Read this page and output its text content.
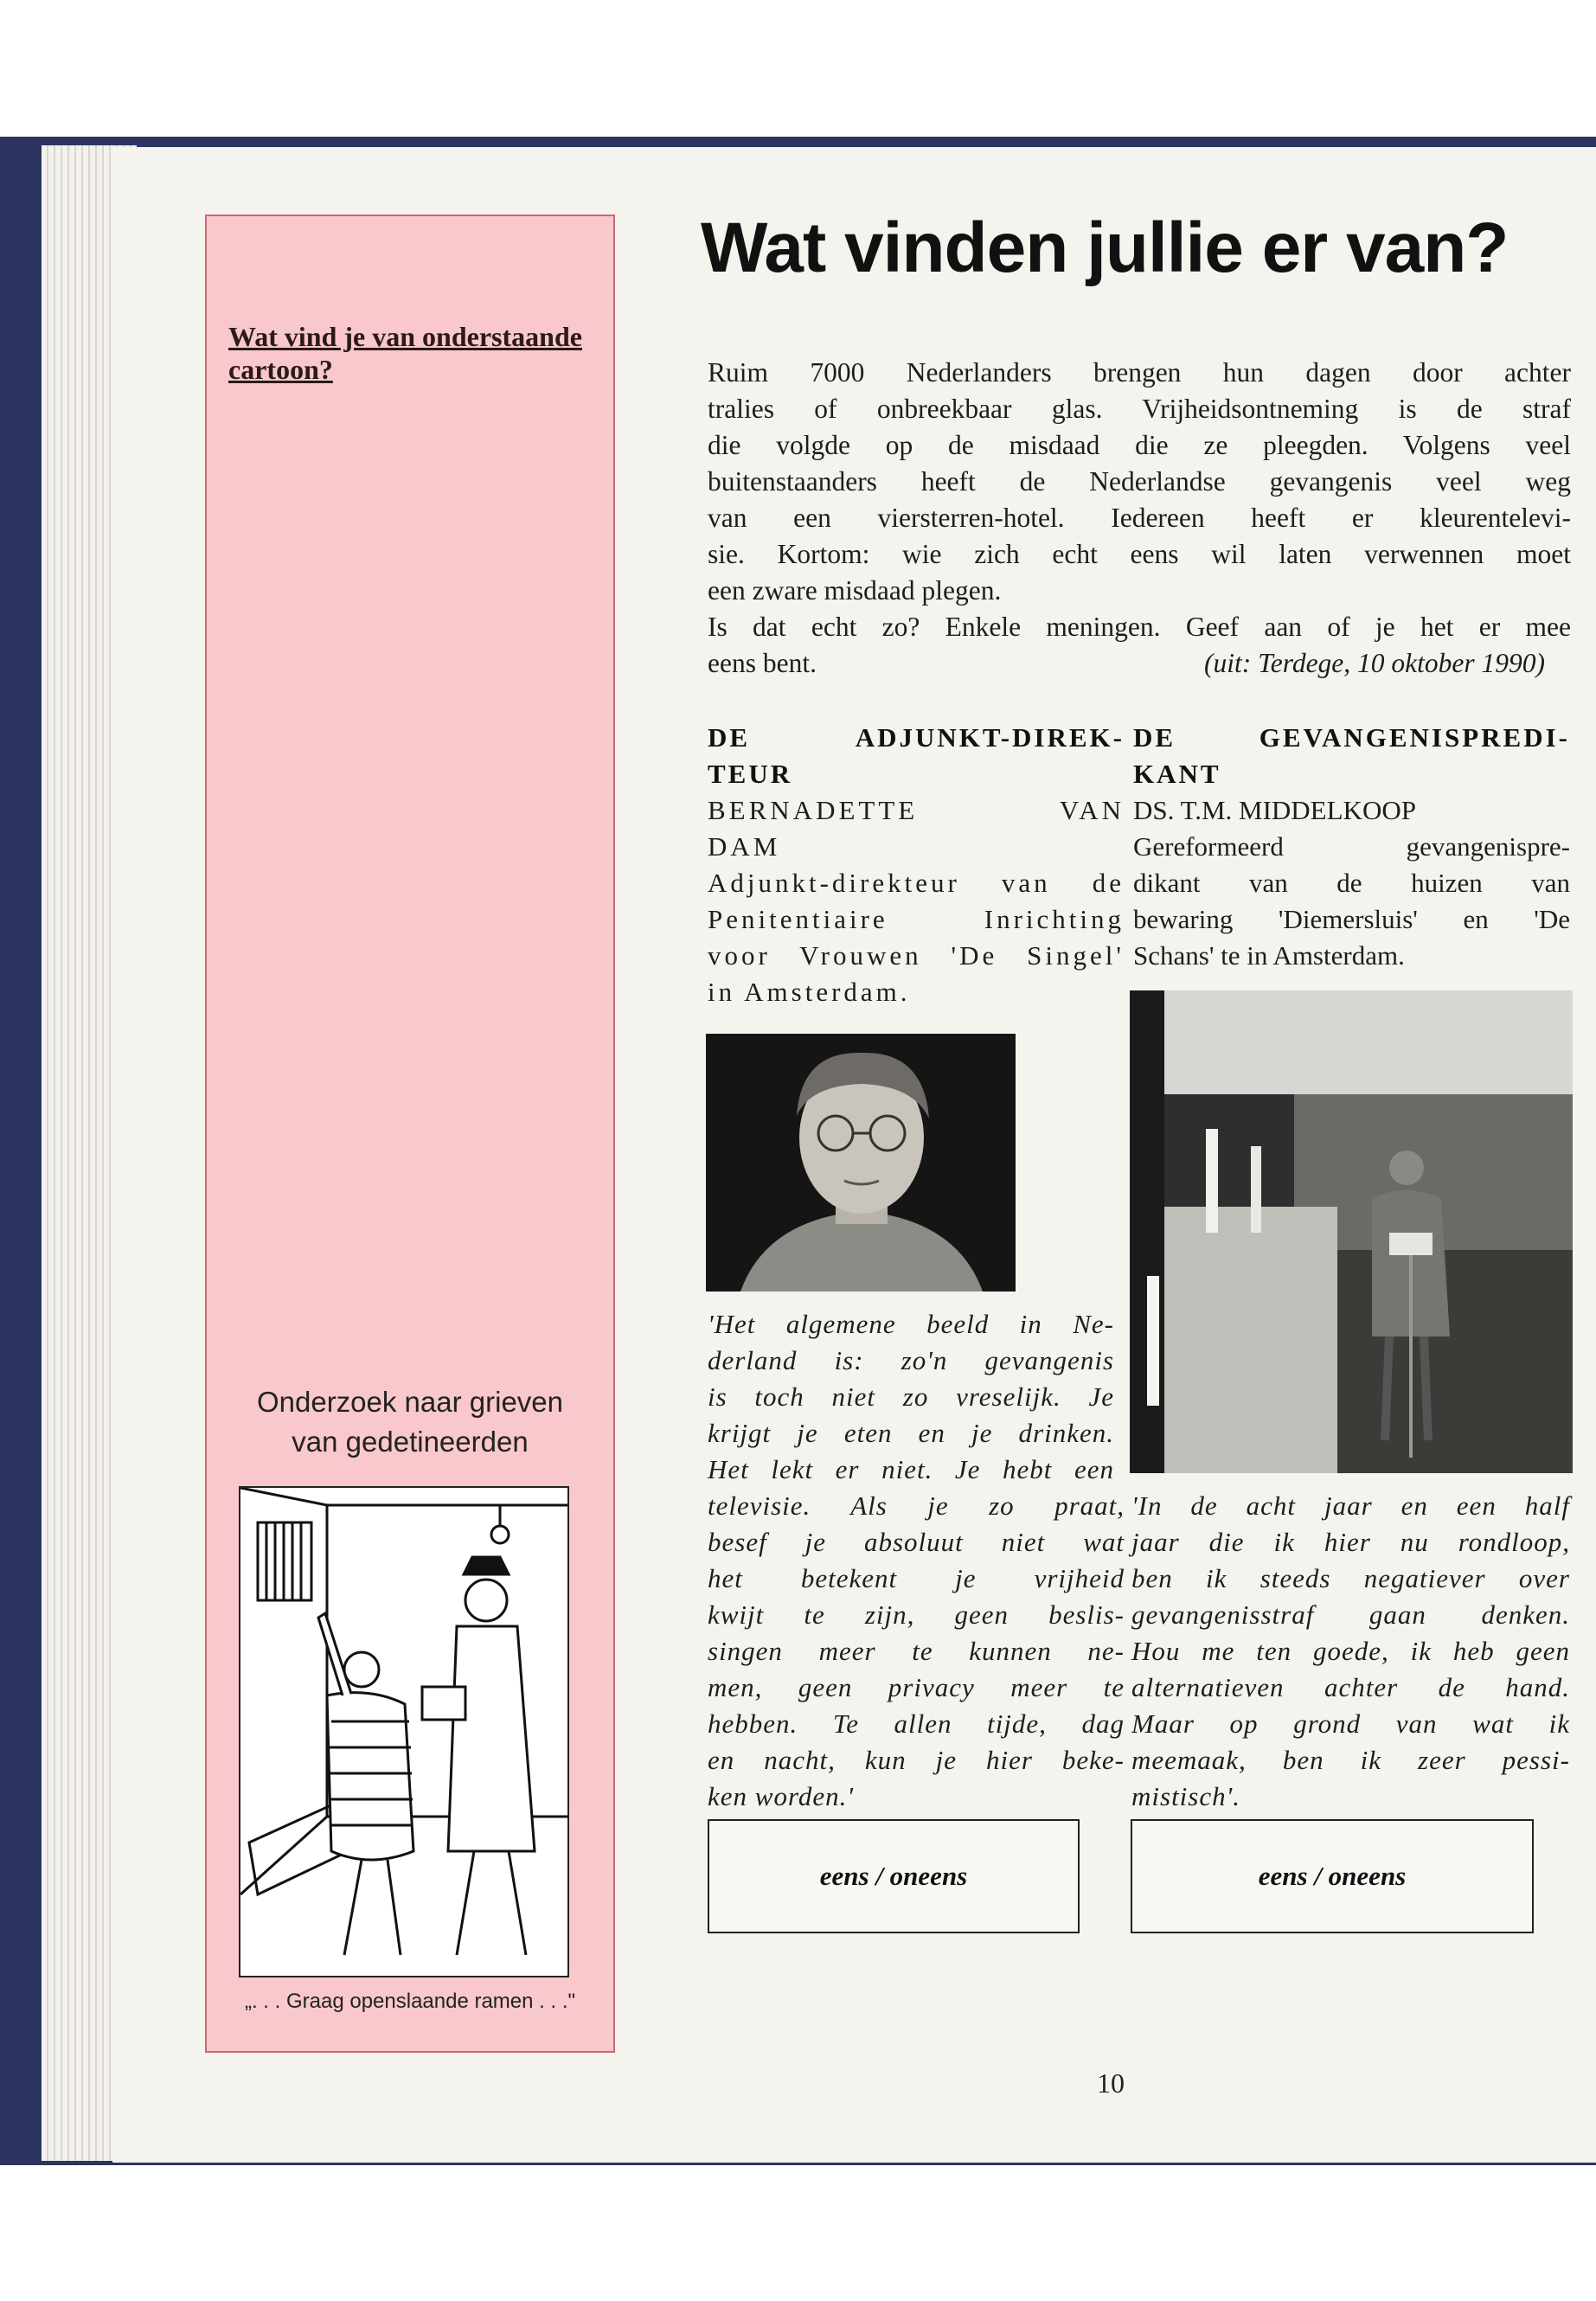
Wat vind je van onderstaande cartoon?
Onderzoek naar grieven van gedetineerden
„. . . Graag openslaande ramen . . ."
Wat vinden jullie er van?
Ruim 7000 Nederlanders brengen hun dagen door achter
tralies of onbreekbaar glas. Vrijheidsontneming is de straf
die volgde op de misdaad die ze pleegden. Volgens veel
buitenstaanders heeft de Nederlandse gevangenis veel weg
van een viersterren-hotel. Iedereen heeft er kleurentelevi-
sie. Kortom: wie zich echt eens wil laten verwennen moet
een zware misdaad plegen.
Is dat echt zo? Enkele meningen. Geef aan of je het er mee
eens bent.	(uit: Terdege, 10 oktober 1990)
DE ADJUNKT-DIREK-
TEUR
BERNADETTE VAN
DAM
Adjunkt-direkteur van de
Penitentiaire Inrichting
voor Vrouwen 'De Singel'
in Amsterdam.
DE GEVANGENISPREDI-
KANT
DS. T.M. MIDDELKOOP
Gereformeerd gevangenispre-
dikant van de huizen van
bewaring 'Diemersluis' en 'De
Schans' te in Amsterdam.
'Het algemene beeld in Ne-
derland is: zo'n gevangenis
is toch niet zo vreselijk. Je
krijgt je eten en je drinken.
Het lekt er niet. Je hebt een
televisie. Als je zo praat,
besef je absoluut niet wat
het betekent je vrijheid
kwijt te zijn, geen beslis-
singen meer te kunnen ne-
men, geen privacy meer te
hebben. Te allen tijde, dag
en nacht, kun je hier beke-
ken worden.'
'In de acht jaar en een half
jaar die ik hier nu rondloop,
ben ik steeds negatiever over
gevangenisstraf gaan denken.
Hou me ten goede, ik heb geen
alternatieven achter de hand.
Maar op grond van wat ik
meemaak, ben ik zeer pessi-
mistisch'.
eens / oneens	eens / oneens
10
